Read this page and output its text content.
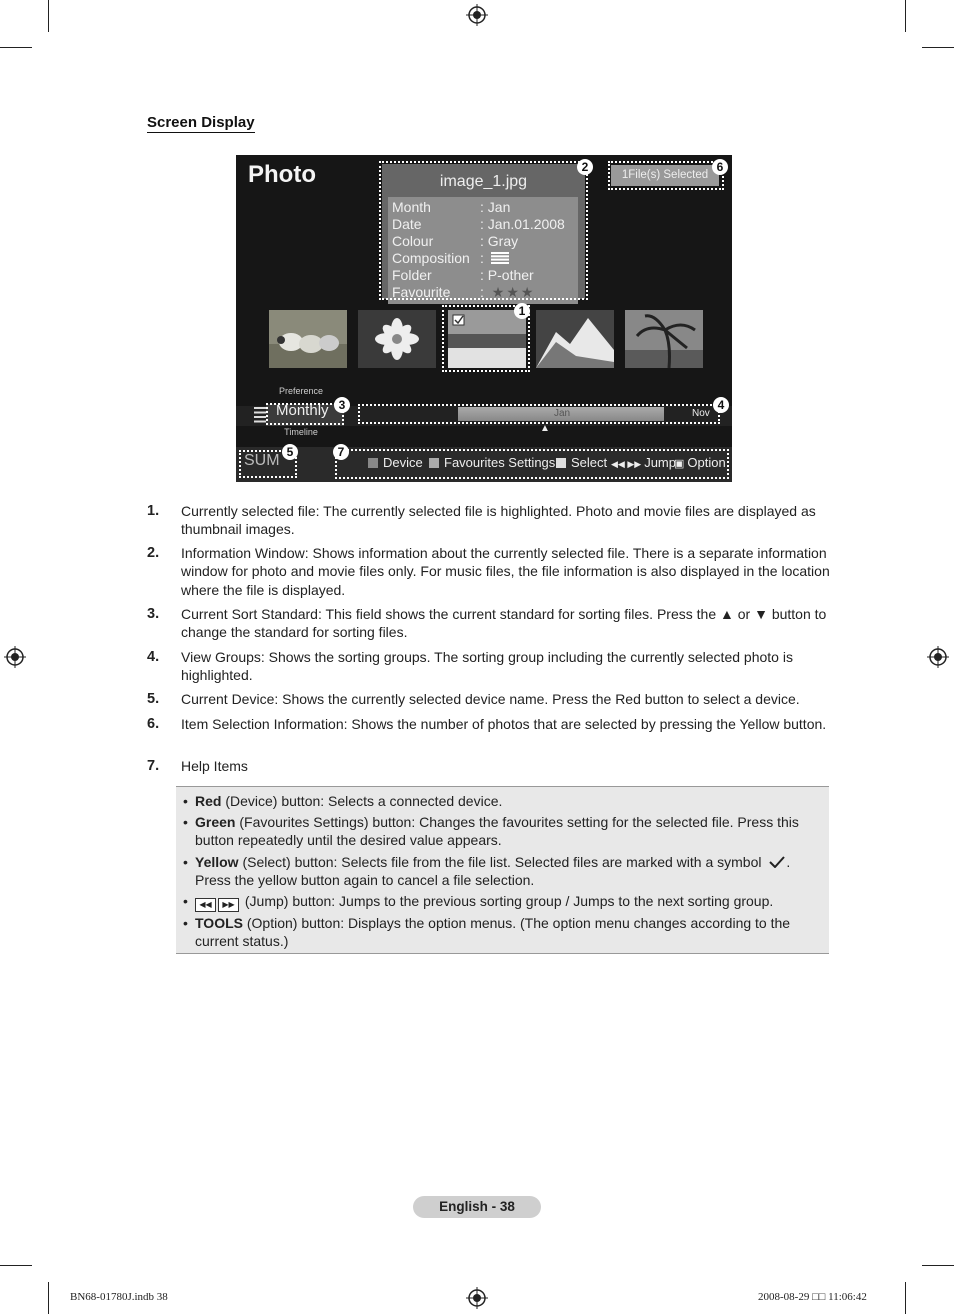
Screen Display
Photo	image_1.jpg
Month	: Jan
Date	: Jan.01.2008
Colour	: Gray
Composition :
Folder	: P-other
Favourite : ★★★
2
1File(s) Selected
6
1
Preference
Monthly 3
Timeline
Jan	Nov
4
▲
SUM 5	7
Device	Favourites Settings	Select ◀◀ ▶▶ Jump
▣ Option
1. Currently selected file: The currently selected file is highlighted. Photo and movie files are displayed as thumbnail images.
2. Information Window: Shows information about the currently selected file. There is a separate information window for photo and movie files only. For music files, the file information is also displayed in the location where the file is displayed.
3. Current Sort Standard: This field shows the current standard for sorting files. Press the ▲ or ▼ button to change the standard for sorting files.
4. View Groups: Shows the sorting groups. The sorting group including the currently selected photo is highlighted.
5. Current Device: Shows the currently selected device name. Press the Red button to select a device.
6. Item Selection Information: Shows the number of photos that are selected by pressing the Yellow button.
7. Help Items
• Red (Device) button: Selects a connected device.
• Green (Favourites Settings) button: Changes the favourites setting for the selected file. Press this button repeatedly until the desired value appears.
• Yellow (Select) button: Selects file from the file list. Selected files are marked with a symbol . Press the yellow button again to cancel a file selection.
•	◀◀ ▶▶ (Jump) button: Jumps to the previous sorting group / Jumps to the next sorting group.
• TOOLS (Option) button: Displays the option menus. (The option menu changes according to the current status.)
English - 38
BN68-01780J.indb 38	2008-08-29 □□ 11:06:42
